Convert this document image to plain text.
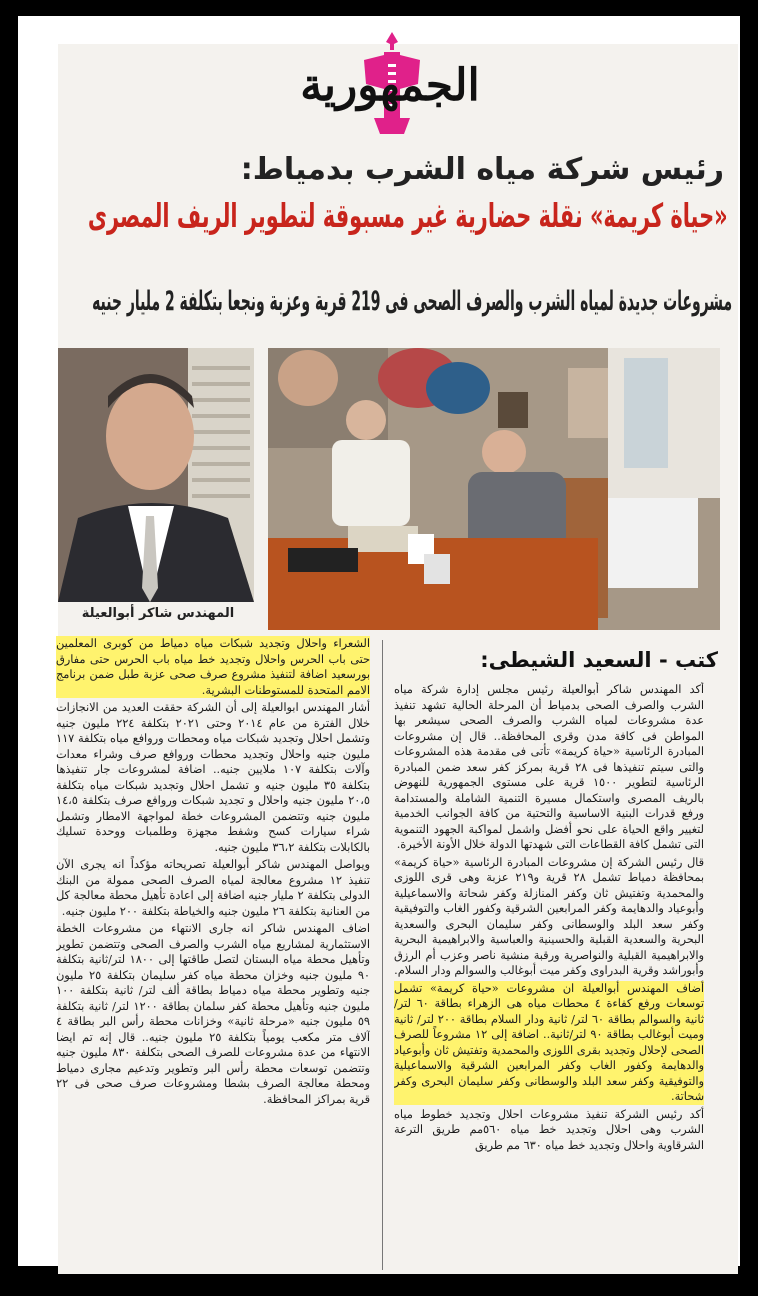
الجمهورية
رئيس شركة مياه الشرب بدمياط:
«حياة كريمة» نقلة حضارية غير مسبوقة لتطوير الريف المصرى
مشروعات جديدة لمياه الشرب والصرف الصحى فى 219 قرية وعزبة ونجعا بتكلفة 2 مليار جنيه
المهندس شاكر أبوالعيلة
كتب - السعيد الشيطى:

أكد المهندس شاكر أبوالعيلة رئيس مجلس إدارة شركة مياه الشرب والصرف الصحى بدمياط أن المرحلة الحالية تشهد تنفيذ عدة مشروعات لمياه الشرب والصرف الصحى سيشعر بها المواطن فى كافة مدن وقرى المحافظة.. قال إن مشروعات المبادرة الرئاسية «حياة كريمة» تأتى فى مقدمة هذه المشروعات والتى سيتم تنفيذها فى ٢٨ قرية بمركز كفر سعد ضمن المبادرة الرئاسية لتطوير ١٥٠٠ قرية على مستوى الجمهورية للنهوض بالريف المصرى واستكمال مسيرة التنمية الشاملة والمستدامة ورفع قدرات البنية الاساسية والتحتية من كافة الجوانب الخدمية لتغيير واقع الحياة على نحو أفضل واشمل لمواكبة الجهود التنموية التى تشمل كافة القطاعات التى شهدتها الدولة خلال الأونة الأخيرة.

قال رئيس الشركة إن مشروعات المبادرة الرئاسية «حياة كريمة» بمحافظة دمياط تشمل ٢٨ قرية و٢١٩ عزبة وهى قرى اللوزى والمحمدية وتفتيش ثان وكفر المنازلة وكفر شحاتة والاسماعيلية وأبوعياد والدهايمة وكفر المرابعين الشرقية وكفور الغاب والتوفيقية وكفر سعد البلد والوسطانى وكفر سليمان البحرى والسعدية البحرية والسعدية القبلية والحسينية والعباسية والابراهيمية البحرية والابراهيمية القبلية والنواصرية ورقبة منشية ناصر وعزب أم الرزق وأبوراشد وقرية البدراوى وكفر ميت أبوغالب والسوالم ودار السلام.

أضاف المهندس أبوالعيلة ان مشروعات «حياة كريمة» تشمل توسعات ورفع كفاءة ٤ محطات مياه هى الزهراء بطاقة ٦٠ لتر/ ثانية والسوالم بطاقة ٦٠ لتر/ ثانية ودار السلام بطاقة ٢٠٠ لتر/ ثانية وميت أبوغالب بطاقة ٩٠ لتر/ثانية.. اضافة إلى ١٢ مشروعاً للصرف الصحى لإحلال وتجديد بقرى اللوزى والمحمدية وتفتيش ثان وأبوعياد والدهايمة وكفور الغاب وكفر المرابعين الشرقية والاسماعيلية والتوفيقية وكفر سعد البلد والوسطانى وكفر سليمان البحرى وكفر شحاتة.

أكد رئيس الشركة تنفيذ مشروعات احلال وتجديد خطوط مياه الشرب وهى احلال وتجديد خط مياه ٥٦٠مم طريق الترعة الشرقاوية واحلال وتجديد خط مياه ٦٣٠ مم طريق

الشعراء واحلال وتجديد شبكات مياه دمياط من كوبرى المعلمين حتى باب الحرس واحلال وتجديد خط مياه باب الحرس حتى مفارق بورسعيد اضافة لتنفيذ مشروع صرف صحى عزبة طبل ضمن برنامج الامم المتحدة للمستوطنات البشرية.

أشار المهندس ابوالعيلة إلى أن الشركة حققت العديد من الانجازات خلال الفترة من عام ٢٠١٤ وحتى ٢٠٢١ بتكلفة ٢٢٤ مليون جنيه وتشمل احلال وتجديد شبكات مياه ومحطات وروافع مياه بتكلفة ١١٧ مليون جنيه واحلال وتجديد محطات وروافع صرف وشراء معدات وآلات بتكلفة ١٠٧ ملايين جنيه.. اضافة لمشروعات جار تنفيذها بتكلفة ٣٥ مليون جنيه و تشمل احلال وتجديد شبكات مياه بتكلفة ٢٠،٥ مليون جنيه واحلال و تجديد شبكات وروافع صرف بتكلفة ١٤،٥ مليون جنيه وتتضمن المشروعات خطة لمواجهة الامطار وتشمل شراء سيارات كسح وشفط مجهزة وطلمبات ووحدة تسليك بالكابلات بتكلفة ٣٦،٢ مليون جنيه.

ويواصل المهندس شاكر أبوالعيلة تصريحاته مؤكداً انه يجرى الآن تنفيذ ١٢ مشروع معالجة لمياه الصرف الصحى ممولة من البنك الدولى بتكلفة ٢ مليار جنيه اضافة إلى اعادة تأهيل محطة معالجة كل من العنانية بتكلفة ٢٦ مليون جنيه والخياطة بتكلفة ٢٠٠ مليون جنيه.

اضاف المهندس شاكر انه جارى الانتهاء من مشروعات الخطة الاستثمارية لمشاريع مياه الشرب والصرف الصحى وتتضمن تطوير وتأهيل محطة مياه البستان لتصل طاقتها إلى ١٨٠٠ لتر/ثانية بتكلفة ٩٠ مليون جنيه وخزان محطة مياه كفر سليمان بتكلفة ٢٥ مليون جنيه وتطوير محطة مياه دمياط بطاقة ألف لتر/ ثانية بتكلفة ١٠٠ مليون جنيه وتأهيل محطة كفر سلمان بطاقة ١٢٠٠ لتر/ ثانية بتكلفة ٥٩ مليون جنيه «مرحلة ثانية» وخزانات محطة رأس البر بطاقة ٤ آلاف متر مكعب يومياً بتكلفة ٢٥ مليون جنيه.. قال إنه تم ايضا الانتهاء من عدة مشروعات للصرف الصحى بتكلفة ٨٣٠ مليون جنيه وتتضمن توسعات محطة رأس البر وتطوير وتدعيم مجارى دمياط ومحطة معالجة الصرف بشطا ومشروعات صرف صحى فى ٢٢ قرية بمراكز المحافظة.
